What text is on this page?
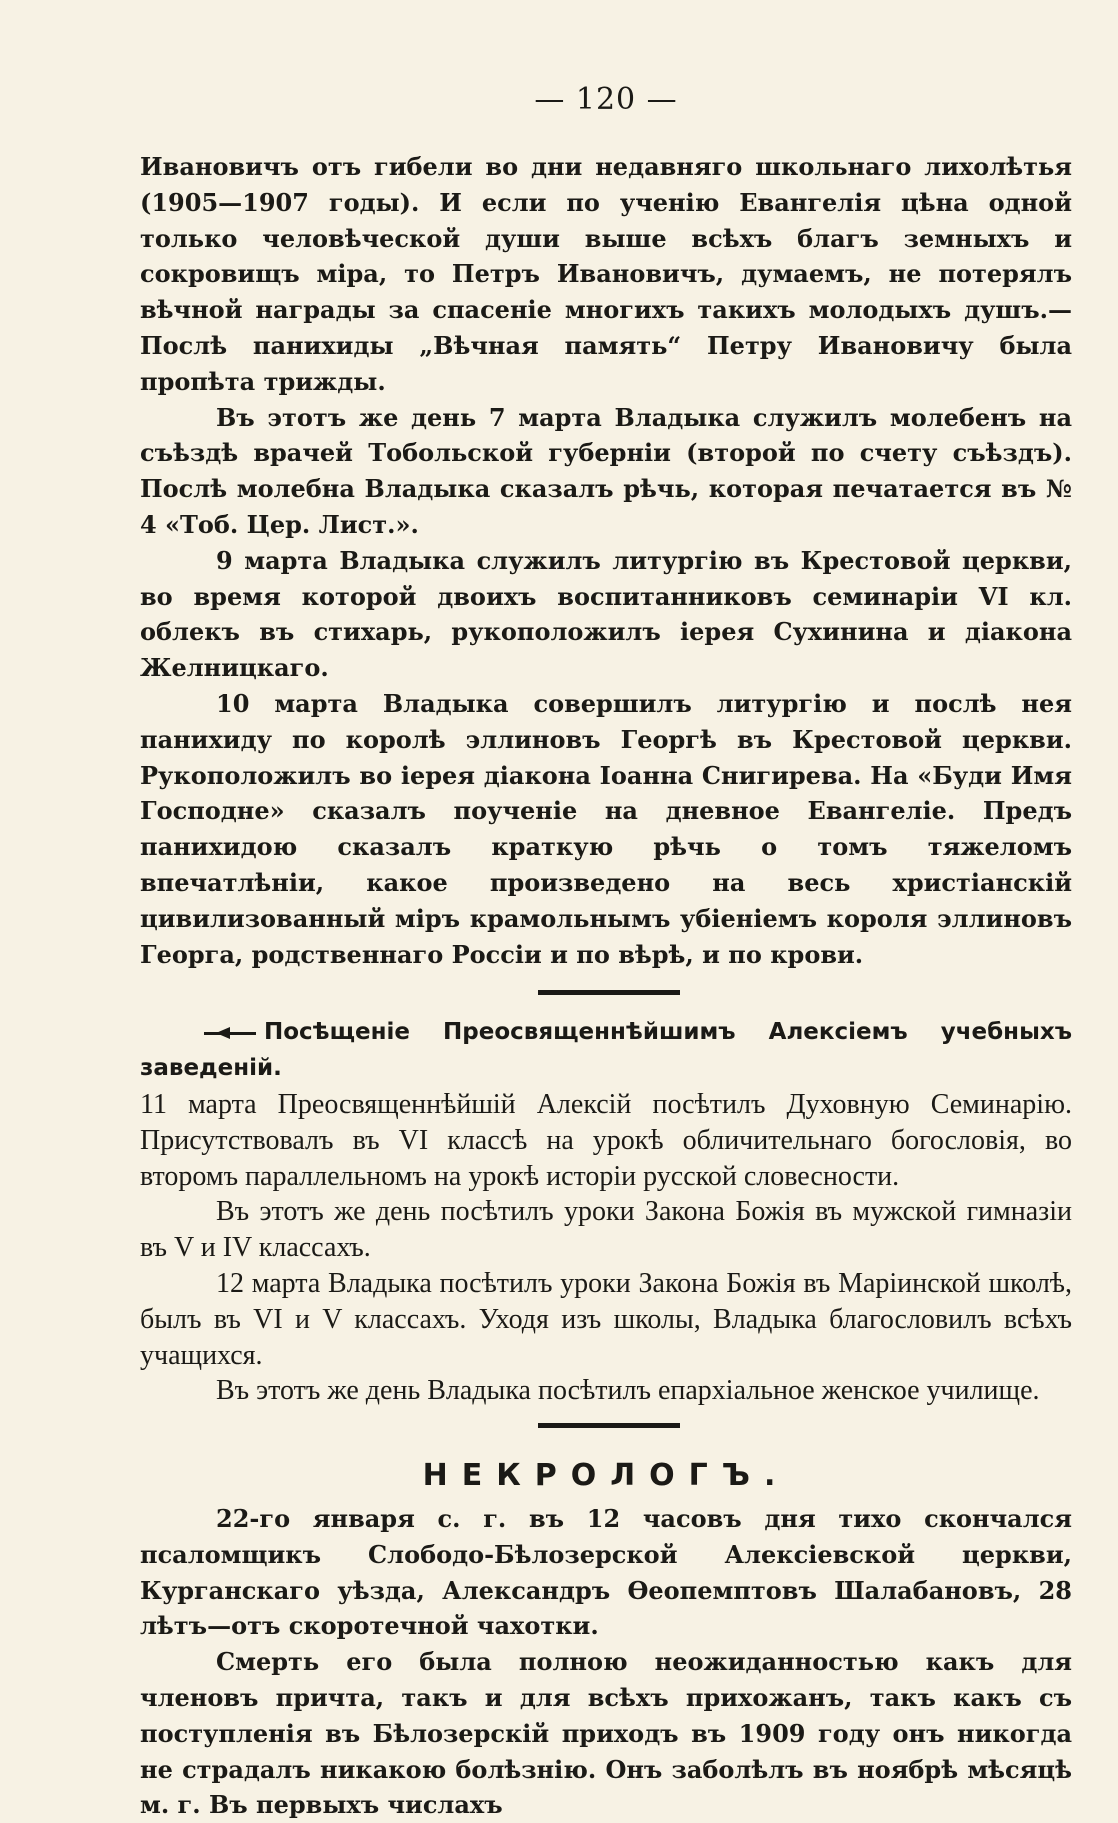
— 120 —

Ивановичъ отъ гибели во дни недавняго школьнаго лихолѣтья (1905—1907 годы). И если по ученію Евангелія цѣна одной только человѣческой души выше всѣхъ благъ земныхъ и сокровищъ міра, то Петръ Ивановичъ, думаемъ, не потерялъ вѣчной награды за спасеніе многихъ такихъ молодыхъ душъ.—Послѣ панихиды „Вѣчная память“ Петру Ивановичу была пропѣта трижды.

Въ этотъ же день 7 марта Владыка служилъ молебенъ на съѣздѣ врачей Тобольской губерніи (второй по счету съѣздъ). Послѣ молебна Владыка сказалъ рѣчь, которая печатается въ № 4 «Тоб. Цер. Лист.».

9 марта Владыка служилъ литургію въ Крестовой церкви, во время которой двоихъ воспитанниковъ семинаріи VI кл. облекъ въ стихарь, рукоположилъ іерея Сухинина и діакона Желницкаго.

10 марта Владыка совершилъ литургію и послѣ нея панихиду по королѣ эллиновъ Георгѣ въ Крестовой церкви. Рукоположилъ во іерея діакона Іоанна Снигирева. На «Буди Имя Господне» сказалъ поученіе на дневное Евангеліе. Предъ панихидою сказалъ краткую рѣчь о томъ тяжеломъ впечатлѣніи, какое произведено на весь христіанскій цивилизованный міръ крамольнымъ убіеніемъ короля эллиновъ Георга, родственнаго Россіи и по вѣрѣ, и по крови.

Посѣщеніе Преосвященнѣйшимъ Алексіемъ учебныхъ заведеній.

11 марта Преосвященнѣйшій Алексій посѣтилъ Духовную Семинарію. Присутствовалъ въ VI классѣ на урокѣ обличительнаго богословія, во второмъ параллельномъ на урокѣ исторіи русской словесности.

Въ этотъ же день посѣтилъ уроки Закона Божія въ мужской гимназіи въ V и IV классахъ.

12 марта Владыка посѣтилъ уроки Закона Божія въ Маріинской школѣ, былъ въ VI и V классахъ. Уходя изъ школы, Владыка благословилъ всѣхъ учащихся.

Въ этотъ же день Владыка посѣтилъ епархіальное женское училище.

НЕКРОЛОГЪ.

22-го января с. г. въ 12 часовъ дня тихо скончался псаломщикъ Слободо-Бѣлозерской Алексіевской церкви, Курганскаго уѣзда, Александръ Ѳеопемптовъ Шалабановъ, 28 лѣтъ—отъ скоротечной чахотки.

Смерть его была полною неожиданностью какъ для членовъ причта, такъ и для всѣхъ прихожанъ, такъ какъ съ поступленія въ Бѣлозерскій приходъ въ 1909 году онъ никогда не страдалъ никакою болѣзнію. Онъ заболѣлъ въ ноябрѣ мѣсяцѣ м. г. Въ первыхъ числахъ
